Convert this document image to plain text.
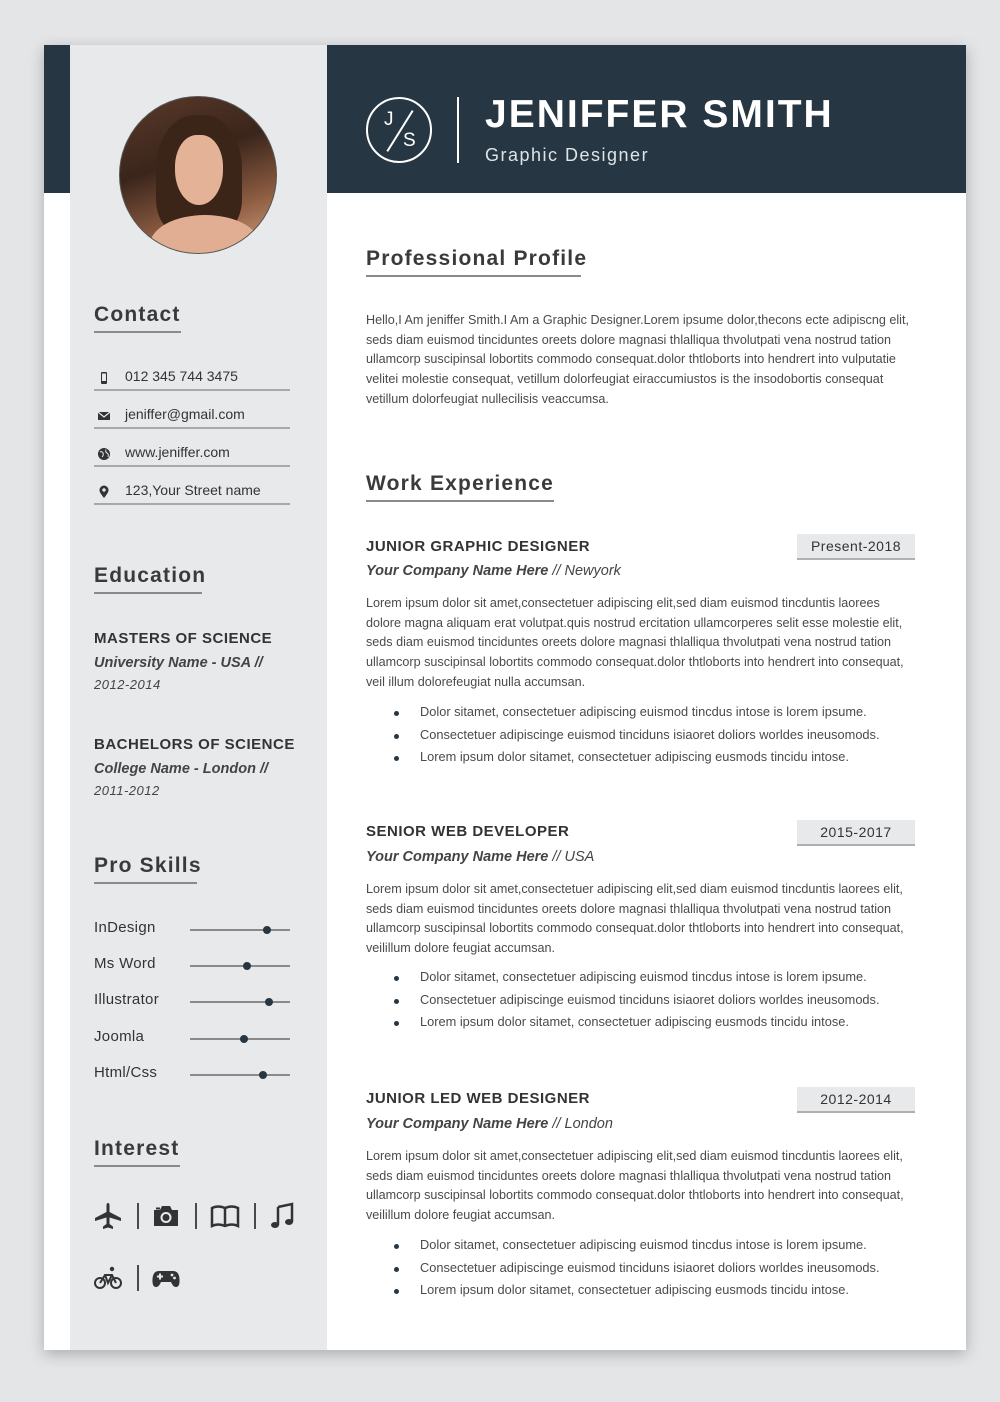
Contact
012 345 744 3475
jeniffer@gmail.com
www.jeniffer.com
123,Your Street name
Education
MASTERS OF SCIENCE
University Name - USA //
2012-2014
BACHELORS OF SCIENCE
College Name - London //
2011-2012
Pro Skills
InDesign
Ms Word
Illustrator
Joomla
Html/Css
Interest
J
S
JENIFFER SMITH
Graphic Designer
Professional Profile
Hello,I Am jeniffer Smith.I Am a Graphic Designer.Lorem ipsume dolor,thecons ecte adipiscng elit, seds diam euismod tinciduntes oreets dolore magnasi thlalliqua thvolutpati vena nostrud tation ullamcorp suscipinsal lobortits commodo consequat.dolor thtloborts into hendrert into vulputatie velitei molestie consequat, vetillum dolorfeugiat eiraccumiustos is the insodobortis consequat vetillum dolorfeugiat nullecilisis veaccumsa.
Work Experience
JUNIOR GRAPHIC DESIGNER	Present-2018
Your Company Name Here // Newyork
Lorem ipsum dolor sit amet,consectetuer adipiscing elit,sed diam euismod tincduntis laorees dolore magna aliquam erat volutpat.quis nostrud ercitation ullamcorperes selit esse molestie elit, seds diam euismod tinciduntes oreets dolore magnasi thlalliqua thvolutpati vena nostrud tation ullamcorp suscipinsal lobortits commodo consequat.dolor thtloborts into hendrert into consequat, veil illum dolorefeugiat nulla accumsan.
Dolor sitamet, consectetuer adipiscing euismod tincdus intose is lorem ipsume.
Consectetuer adipiscinge euismod tinciduns isiaoret doliors worldes ineusomods.
Lorem ipsum dolor sitamet, consectetuer adipiscing eusmods tincidu intose.
SENIOR WEB DEVELOPER	2015-2017
Your Company Name Here // USA
Lorem ipsum dolor sit amet,consectetuer adipiscing elit,sed diam euismod tincduntis laorees elit, seds diam euismod tinciduntes oreets dolore magnasi thlalliqua thvolutpati vena nostrud tation ullamcorp suscipinsal lobortits commodo consequat.dolor thtloborts into hendrert into consequat, veilillum dolore feugiat accumsan.
Dolor sitamet, consectetuer adipiscing euismod tincdus intose is lorem ipsume.
Consectetuer adipiscinge euismod tinciduns isiaoret doliors worldes ineusomods.
Lorem ipsum dolor sitamet, consectetuer adipiscing eusmods tincidu intose.
JUNIOR LED WEB DESIGNER	2012-2014
Your Company Name Here // London
Lorem ipsum dolor sit amet,consectetuer adipiscing elit,sed diam euismod tincduntis laorees elit, seds diam euismod tinciduntes oreets dolore magnasi thlalliqua thvolutpati vena nostrud tation ullamcorp suscipinsal lobortits commodo consequat.dolor thtloborts into hendrert into consequat, veilillum dolore feugiat accumsan.
Dolor sitamet, consectetuer adipiscing euismod tincdus intose is lorem ipsume.
Consectetuer adipiscinge euismod tinciduns isiaoret doliors worldes ineusomods.
Lorem ipsum dolor sitamet, consectetuer adipiscing eusmods tincidu intose.
